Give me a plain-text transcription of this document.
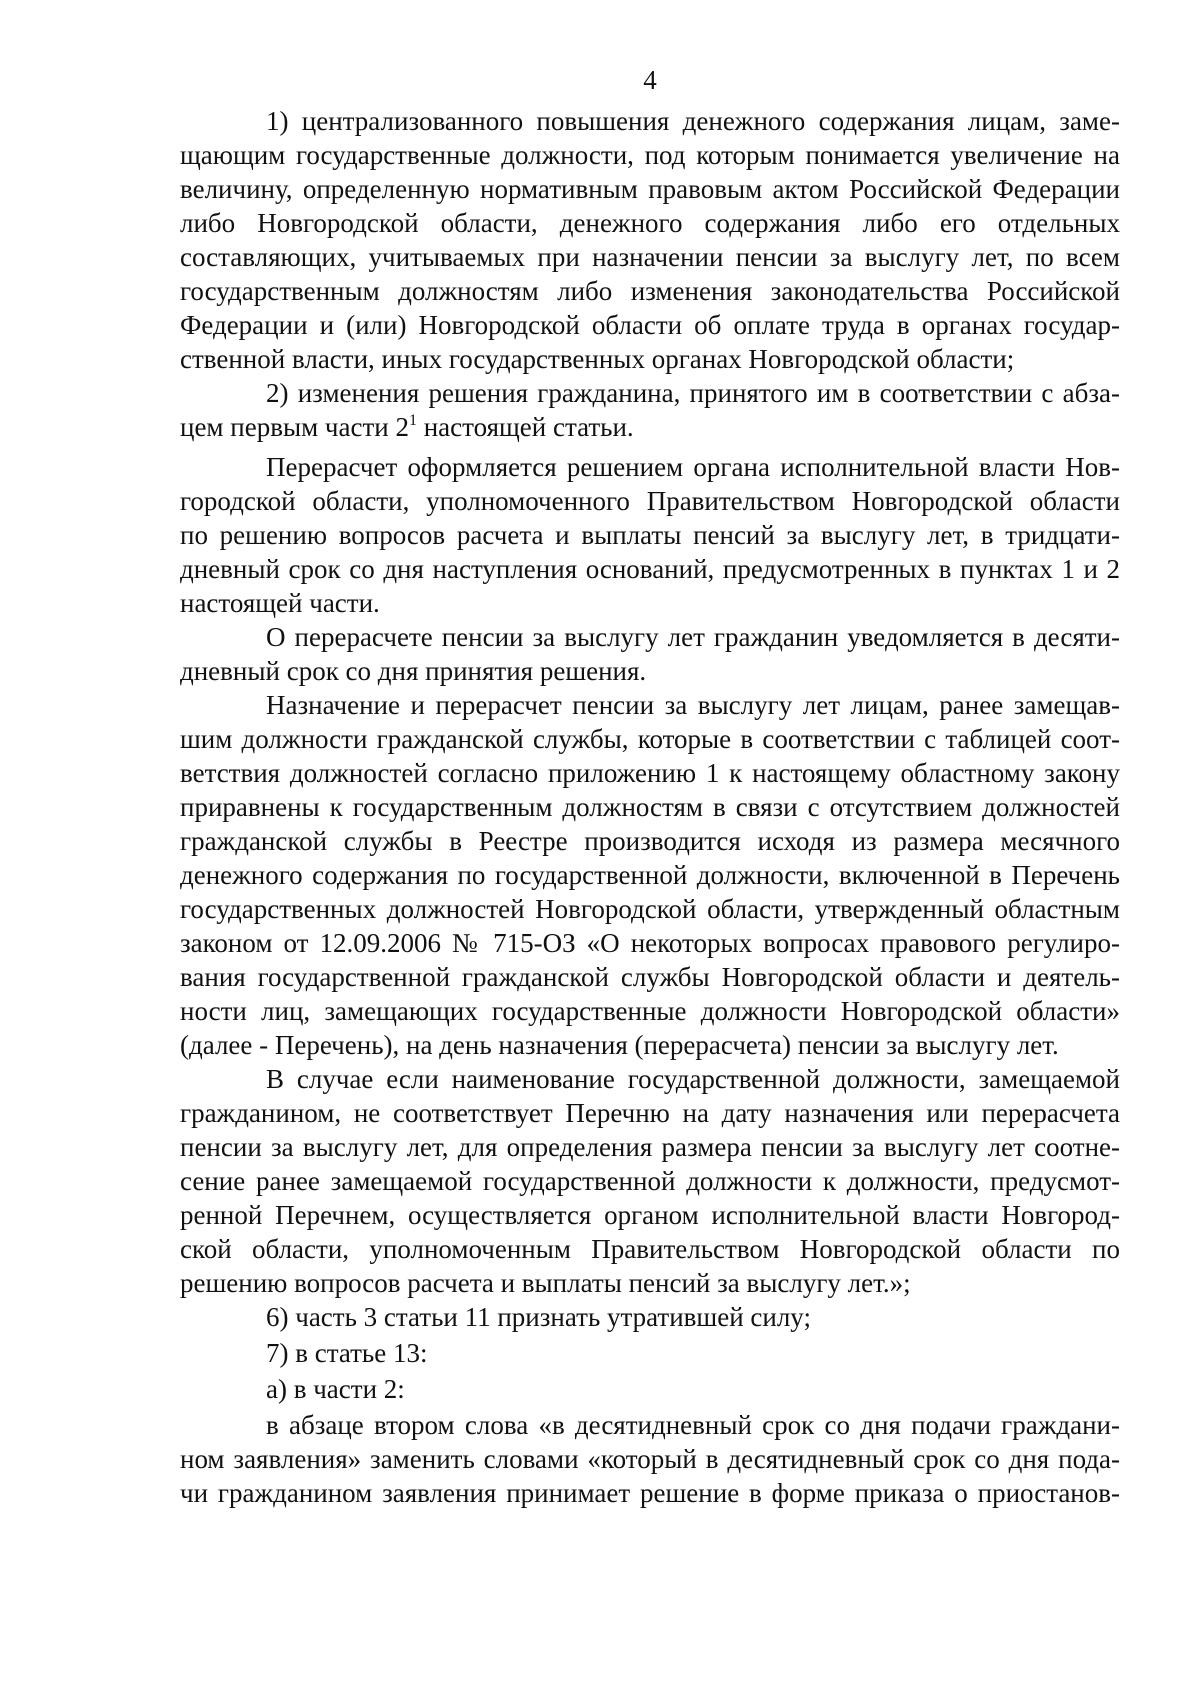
4
1) централизованного повышения денежного содержания лицам, заме-
щающим государственные должности, под которым понимается увеличение на
величину, определенную нормативным правовым актом Российской Федерации
либо Новгородской области, денежного содержания либо его отдельных
составляющих, учитываемых при назначении пенсии за выслугу лет, по всем
государственным должностям либо изменения законодательства Российской
Федерации и (или) Новгородской области об оплате труда в органах государ-
ственной власти, иных государственных органах Новгородской области;
2) изменения решения гражданина, принятого им в соответствии с абза-
цем первым части $2^1$ настоящей статьи.
Перерасчет оформляется решением органа исполнительной власти Нов-
городской области, уполномоченного Правительством Новгородской области
по решению вопросов расчета и выплаты пенсий за выслугу лет, в тридцати-
дневный срок со дня наступления оснований, предусмотренных в пунктах 1 и 2
настоящей части.
О перерасчете пенсии за выслугу лет гражданин уведомляется в десяти-
дневный срок со дня принятия решения.
Назначение и перерасчет пенсии за выслугу лет лицам, ранее замещав-
шим должности гражданской службы, которые в соответствии с таблицей соот-
ветствия должностей согласно приложению 1 к настоящему областному закону
приравнены к государственным должностям в связи с отсутствием должностей
гражданской службы в Реестре производится исходя из размера месячного
денежного содержания по государственной должности, включенной в Перечень
государственных должностей Новгородской области, утвержденный областным
законом от 12.09.2006 № 715-ОЗ «О некоторых вопросах правового регулиро-
вания государственной гражданской службы Новгородской области и деятель-
ности лиц, замещающих государственные должности Новгородской области»
(далее - Перечень), на день назначения (перерасчета) пенсии за выслугу лет.
В случае если наименование государственной должности, замещаемой
гражданином, не соответствует Перечню на дату назначения или перерасчета
пенсии за выслугу лет, для определения размера пенсии за выслугу лет соотне-
сение ранее замещаемой государственной должности к должности, предусмот-
ренной Перечнем, осуществляется органом исполнительной власти Новгород-
ской области, уполномоченным Правительством Новгородской области по
решению вопросов расчета и выплаты пенсий за выслугу лет.»;
6) часть 3 статьи 11 признать утратившей силу;
7) в статье 13:
а) в части 2:
в абзаце втором слова «в десятидневный срок со дня подачи граждани-
ном заявления» заменить словами «который в десятидневный срок со дня пода-
чи гражданином заявления принимает решение в форме приказа о приостанов-
